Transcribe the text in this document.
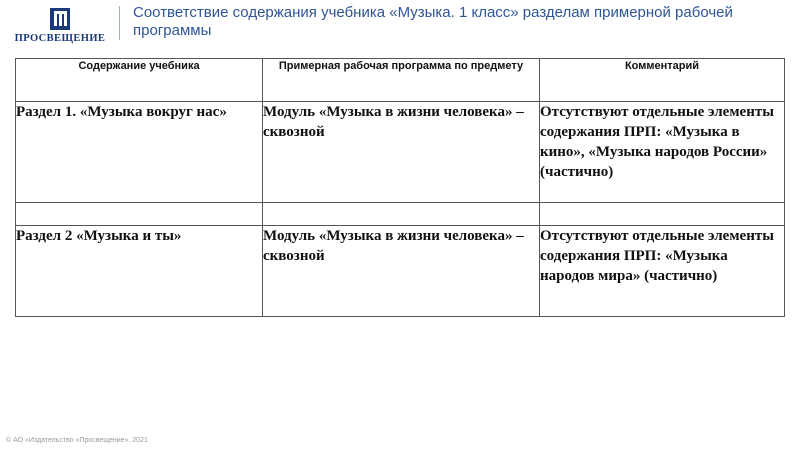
ПРОСВЕЩЕНИЕ
Соответствие содержания учебника «Музыка. 1 класс» разделам примерной рабочей программы
Содержание учебника	Примерная рабочая программа по предмету	Комментарий
Раздел 1. «Музыка вокруг нас»	Модуль «Музыка в жизни человека» – сквозной	Отсутствуют отдельные элементы содержания ПРП: «Музыка в кино», «Музыка народов России» (частично)

Раздел 2 «Музыка и ты»	Модуль «Музыка в жизни человека» – сквозной	Отсутствуют отдельные элементы содержания ПРП: «Музыка народов мира» (частично)
© АО «Издательство «Просвещение», 2021
